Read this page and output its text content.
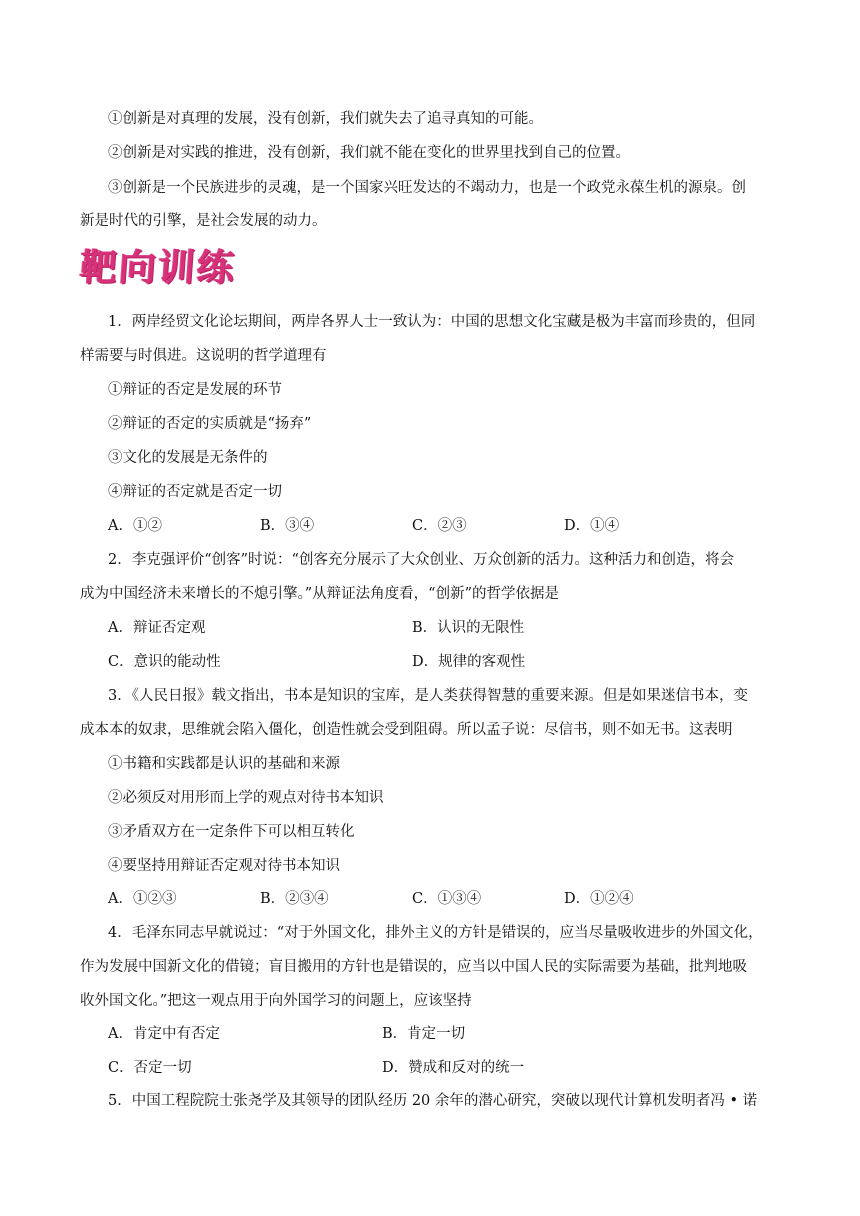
①创新是对真理的发展，没有创新，我们就失去了追寻真知的可能。
②创新是对实践的推进，没有创新，我们就不能在变化的世界里找到自己的位置。
③创新是一个民族进步的灵魂，是一个国家兴旺发达的不竭动力，也是一个政党永葆生机的源泉。创
新是时代的引擎，是社会发展的动力。
靶向训练
1．两岸经贸文化论坛期间，两岸各界人士一致认为：中国的思想文化宝藏是极为丰富而珍贵的，但同
样需要与时俱进。这说明的哲学道理有
①辩证的否定是发展的环节
②辩证的否定的实质就是“扬弃”
③文化的发展是无条件的
④辩证的否定就是否定一切
A．①②	B．③④	C．②③	D．①④
2．李克强评价“创客”时说：“创客充分展示了大众创业、万众创新的活力。这种活力和创造，将会
成为中国经济未来增长的不熄引擎。”从辩证法角度看，“创新”的哲学依据是
A．辩证否定观	B．认识的无限性
C．意识的能动性	D．规律的客观性
3．《人民日报》载文指出，书本是知识的宝库，是人类获得智慧的重要来源。但是如果迷信书本，变
成本本的奴隶，思维就会陷入僵化，创造性就会受到阻碍。所以孟子说：尽信书，则不如无书。这表明
①书籍和实践都是认识的基础和来源
②必须反对用形而上学的观点对待书本知识
③矛盾双方在一定条件下可以相互转化
④要坚持用辩证否定观对待书本知识
A．①②③	B．②③④	C．①③④	D．①②④
4．毛泽东同志早就说过：“对于外国文化，排外主义的方针是错误的，应当尽量吸收进步的外国文化，
作为发展中国新文化的借镜；盲目搬用的方针也是错误的，应当以中国人民的实际需要为基础，批判地吸
收外国文化。”把这一观点用于向外国学习的问题上，应该坚持
A．肯定中有否定	B．肯定一切
C．否定一切	D．赞成和反对的统一
5．中国工程院院士张尧学及其领导的团队经历 20 余年的潜心研究，突破以现代计算机发明者冯 • 诺
